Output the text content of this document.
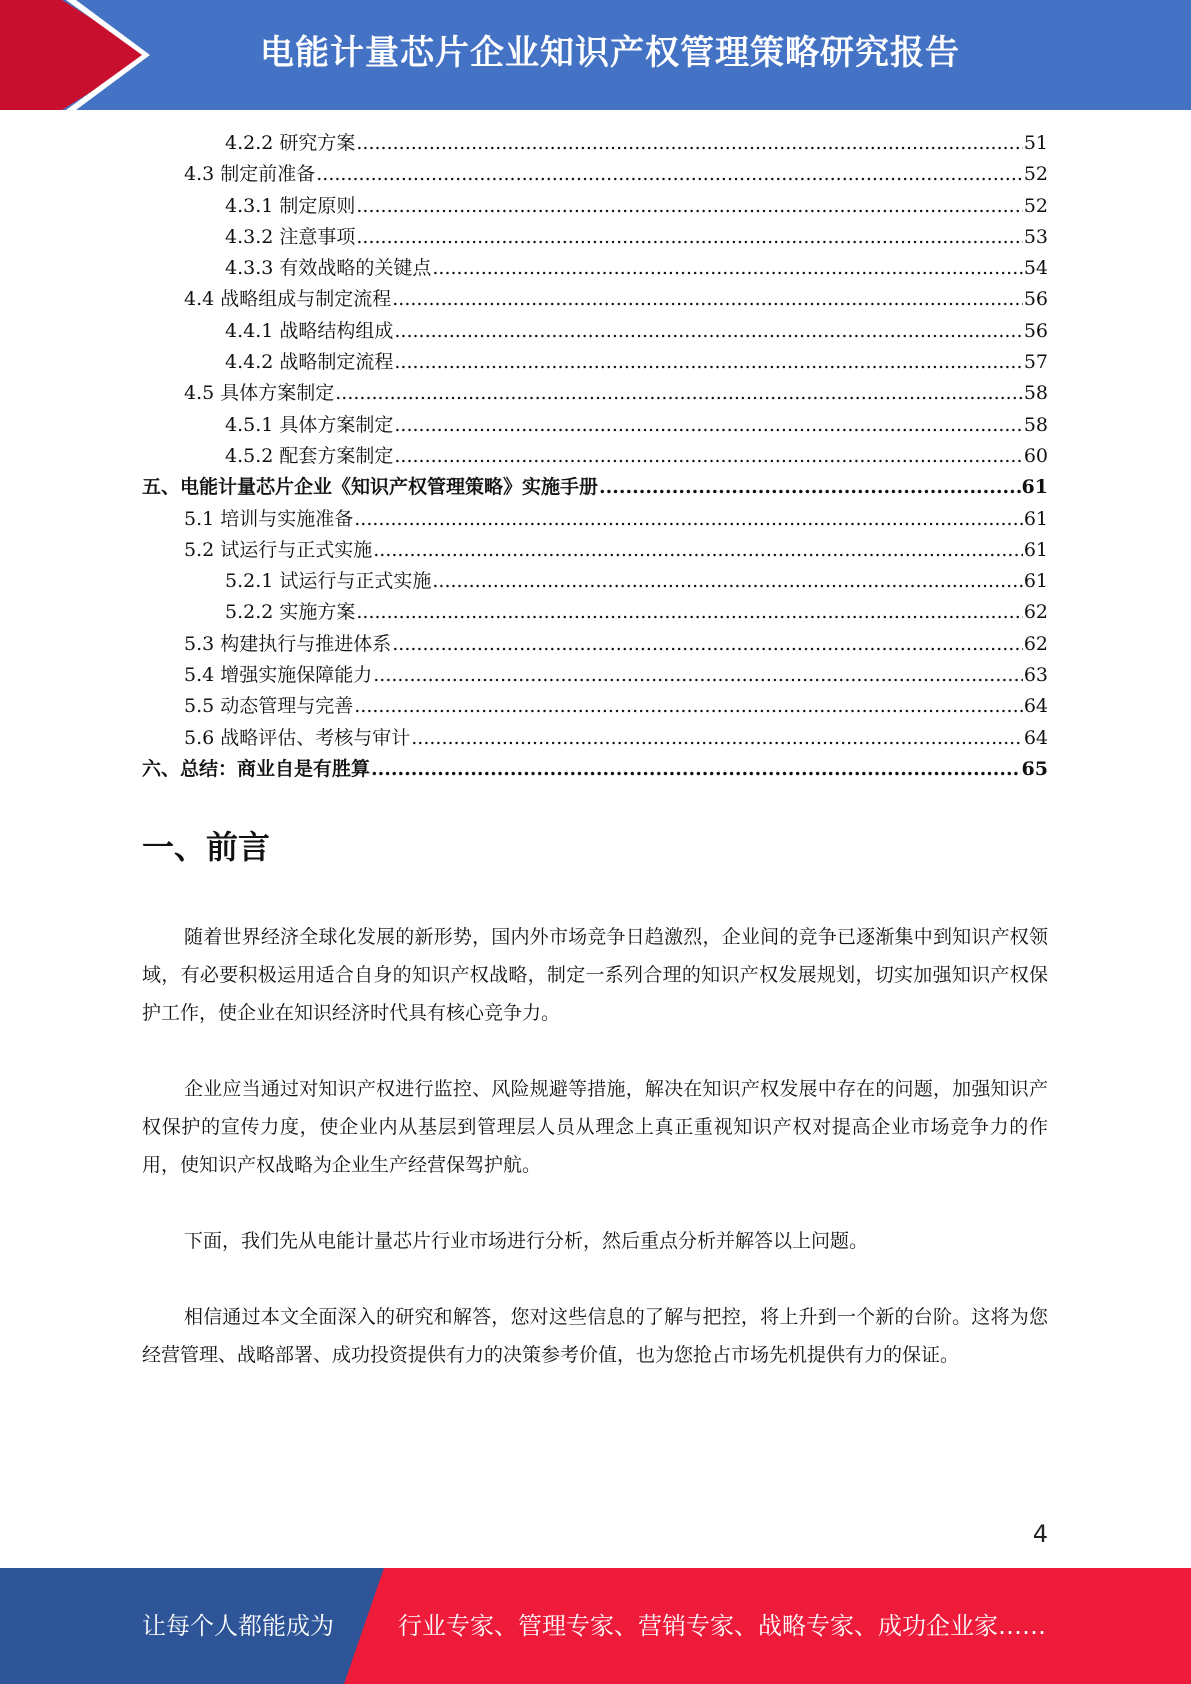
电能计量芯片企业知识产权管理策略研究报告
4.2.2 研究方案 .....	51
4.3 制定前准备 .....	52
4.3.1 制定原则 .....	52
4.3.2 注意事项 .....	53
4.3.3 有效战略的关键点 .....	54
4.4 战略组成与制定流程 .....	56
4.4.1 战略结构组成 .....	56
4.4.2 战略制定流程 .....	57
4.5 具体方案制定 .....	58
4.5.1 具体方案制定 .....	58
4.5.2 配套方案制定 .....	60
五、电能计量芯片企业《知识产权管理策略》实施手册 .....	61
5.1 培训与实施准备 .....	61
5.2 试运行与正式实施 .....	61
5.2.1 试运行与正式实施 .....	61
5.2.2 实施方案 .....	62
5.3 构建执行与推进体系 .....	62
5.4 增强实施保障能力 .....	63
5.5 动态管理与完善 .....	64
5.6 战略评估、考核与审计 .....	64
六、总结：商业自是有胜算 .....	65
一、前言

随着世界经济全球化发展的新形势，国内外市场竞争日趋激烈，企业间的竞争已逐渐集中到知识产权领域，有必要积极运用适合自身的知识产权战略，制定一系列合理的知识产权发展规划，切实加强知识产权保护工作，使企业在知识经济时代具有核心竞争力。

企业应当通过对知识产权进行监控、风险规避等措施，解决在知识产权发展中存在的问题，加强知识产权保护的宣传力度，使企业内从基层到管理层人员从理念上真正重视知识产权对提高企业市场竞争力的作用，使知识产权战略为企业生产经营保驾护航。

下面，我们先从电能计量芯片行业市场进行分析，然后重点分析并解答以上问题。

相信通过本文全面深入的研究和解答，您对这些信息的了解与把控，将上升到一个新的台阶。这将为您经营管理、战略部署、成功投资提供有力的决策参考价值，也为您抢占市场先机提供有力的保证。

4
让每个人都能成为	行业专家、管理专家、营销专家、战略专家、成功企业家……
